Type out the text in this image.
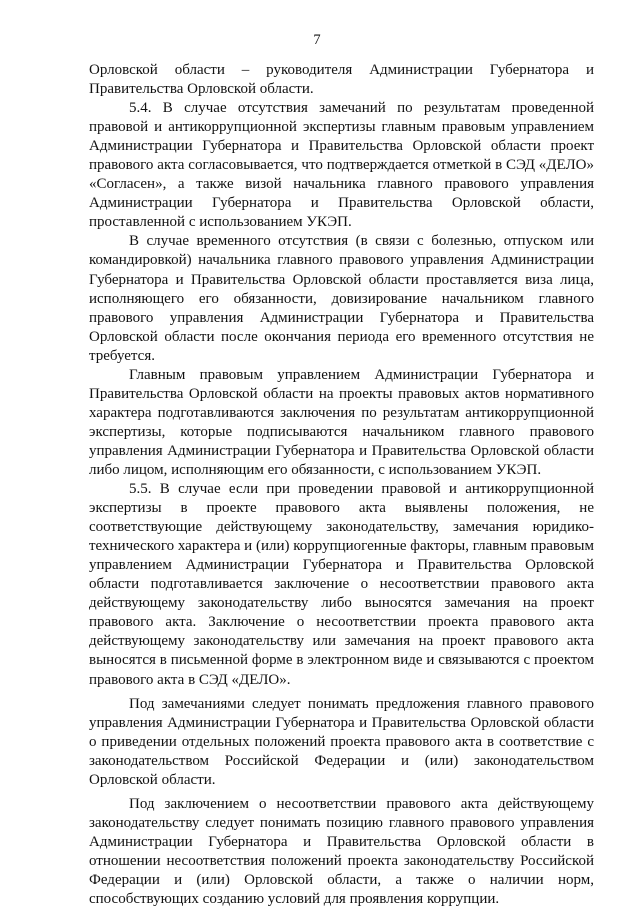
7

Орловской области – руководителя Администрации Губернатора и Правительства Орловской области.

5.4. В случае отсутствия замечаний по результатам проведенной правовой и антикоррупционной экспертизы главным правовым управлением Администрации Губернатора и Правительства Орловской области проект правового акта согласовывается, что подтверждается отметкой в СЭД «ДЕЛО» «Согласен», а также визой начальника главного правового управления Администрации Губернатора и Правительства Орловской области, проставленной с использованием УКЭП.

В случае временного отсутствия (в связи с болезнью, отпуском или командировкой) начальника главного правового управления Администрации Губернатора и Правительства Орловской области проставляется виза лица, исполняющего его обязанности, довизирование начальником главного правового управления Администрации Губернатора и Правительства Орловской области после окончания периода его временного отсутствия не требуется.

Главным правовым управлением Администрации Губернатора и Правительства Орловской области на проекты правовых актов нормативного характера подготавливаются заключения по результатам антикоррупционной экспертизы, которые подписываются начальником главного правового управления Администрации Губернатора и Правительства Орловской области либо лицом, исполняющим его обязанности, с использованием УКЭП.

5.5. В случае если при проведении правовой и антикоррупционной экспертизы в проекте правового акта выявлены положения, не соответствующие действующему законодательству, замечания юридико-технического характера и (или) коррупциогенные факторы, главным правовым управлением Администрации Губернатора и Правительства Орловской области подготавливается заключение о несоответствии правового акта действующему законодательству либо выносятся замечания на проект правового акта. Заключение о несоответствии проекта правового акта действующему законодательству или замечания на проект правового акта выносятся в письменной форме в электронном виде и связываются с проектом правового акта в СЭД «ДЕЛО».

Под замечаниями следует понимать предложения главного правового управления Администрации Губернатора и Правительства Орловской области о приведении отдельных положений проекта правового акта в соответствие с законодательством Российской Федерации и (или) законодательством Орловской области.

Под заключением о несоответствии правового акта действующему законодательству следует понимать позицию главного правового управления Администрации Губернатора и Правительства Орловской области в отношении несоответствия положений проекта законодательству Российской Федерации и (или) Орловской области, а также о наличии норм, способствующих созданию условий для проявления коррупции.
